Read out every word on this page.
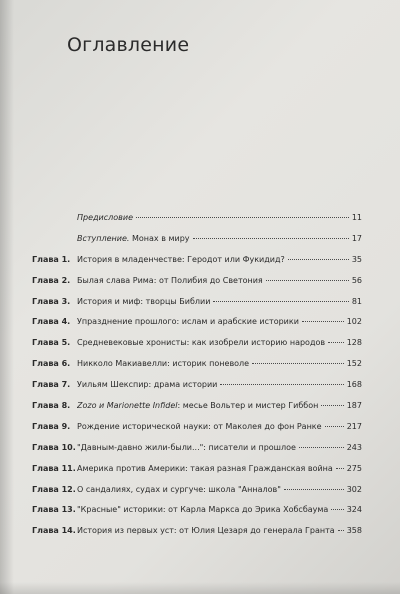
Оглавление
Предисловие	11
Вступление. Монах в миру	17
Глава 1. История в младенчестве: Геродот или Фукидид?	35
Глава 2. Былая слава Рима: от Полибия до Светония	56
Глава 3. История и миф: творцы Библии	81
Глава 4. Упразднение прошлого: ислам и арабские историки	102
Глава 5. Средневековые хронисты: как изобрели историю народов	128
Глава 6. Никколо Макиавелли: историк поневоле	152
Глава 7. Уильям Шекспир: драма истории	168
Глава 8. Zozo и Marionette Infidel: месье Вольтер и мистер Гиббон	187
Глава 9. Рождение исторической науки: от Маколея до фон Ранке	217
Глава 10. "Давным-давно жили-были...": писатели и прошлое	243
Глава 11. Америка против Америки: такая разная Гражданская война 275
Глава 12. О сандалиях, судах и сургуче: школа "Анналов"	302
Глава 13. "Красные" историки: от Карла Маркса до Эрика Хобсбаума 324
Глава 14. История из первых уст: от Юлия Цезаря до генерала Гранта 358
